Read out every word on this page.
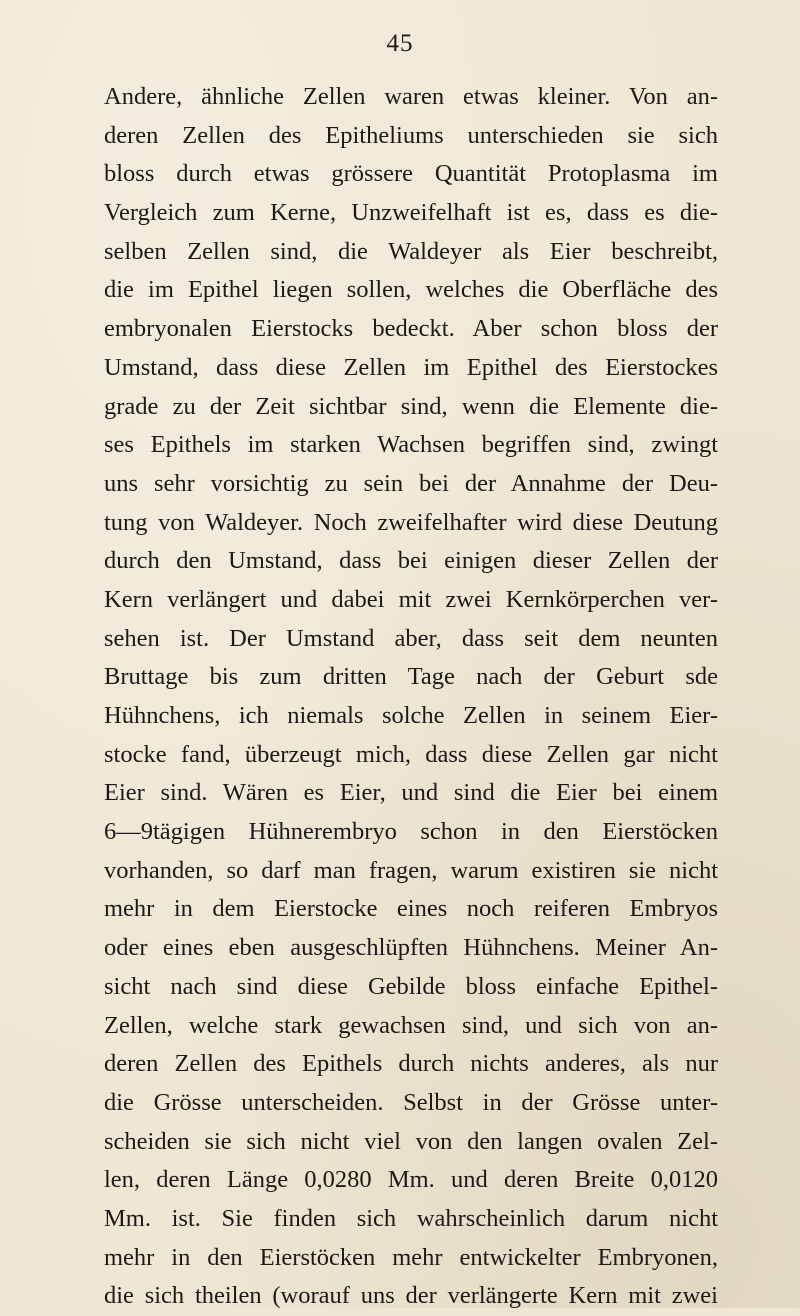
45
Andere, ähnliche Zellen waren etwas kleiner. Von an-
deren Zellen des Epitheliums unterschieden sie sich
bloss durch etwas grössere Quantität Protoplasma im
Vergleich zum Kerne, Unzweifelhaft ist es, dass es die-
selben Zellen sind, die Waldeyer als Eier beschreibt,
die im Epithel liegen sollen, welches die Oberfläche des
embryonalen Eierstocks bedeckt. Aber schon bloss der
Umstand, dass diese Zellen im Epithel des Eierstockes
grade zu der Zeit sichtbar sind, wenn die Elemente die-
ses Epithels im starken Wachsen begriffen sind, zwingt
uns sehr vorsichtig zu sein bei der Annahme der Deu-
tung von Waldeyer. Noch zweifelhafter wird diese Deutung
durch den Umstand, dass bei einigen dieser Zellen der
Kern verlängert und dabei mit zwei Kernkörperchen ver-
sehen ist. Der Umstand aber, dass seit dem neunten
Bruttage bis zum dritten Tage nach der Geburt sde
Hühnchens, ich niemals solche Zellen in seinem Eier-
stocke fand, überzeugt mich, dass diese Zellen gar nicht
Eier sind. Wären es Eier, und sind die Eier bei einem
6—9tägigen Hühnerembryo schon in den Eierstöcken
vorhanden, so darf man fragen, warum existiren sie nicht
mehr in dem Eierstocke eines noch reiferen Embryos
oder eines eben ausgeschlüpften Hühnchens. Meiner An-
sicht nach sind diese Gebilde bloss einfache Epithel-
Zellen, welche stark gewachsen sind, und sich von an-
deren Zellen des Epithels durch nichts anderes, als nur
die Grösse unterscheiden. Selbst in der Grösse unter-
scheiden sie sich nicht viel von den langen ovalen Zel-
len, deren Länge 0,0280 Mm. und deren Breite 0,0120
Mm. ist. Sie finden sich wahrscheinlich darum nicht
mehr in den Eierstöcken mehr entwickelter Embryonen,
die sich theilen (worauf uns der verlängerte Kern mit zwei
